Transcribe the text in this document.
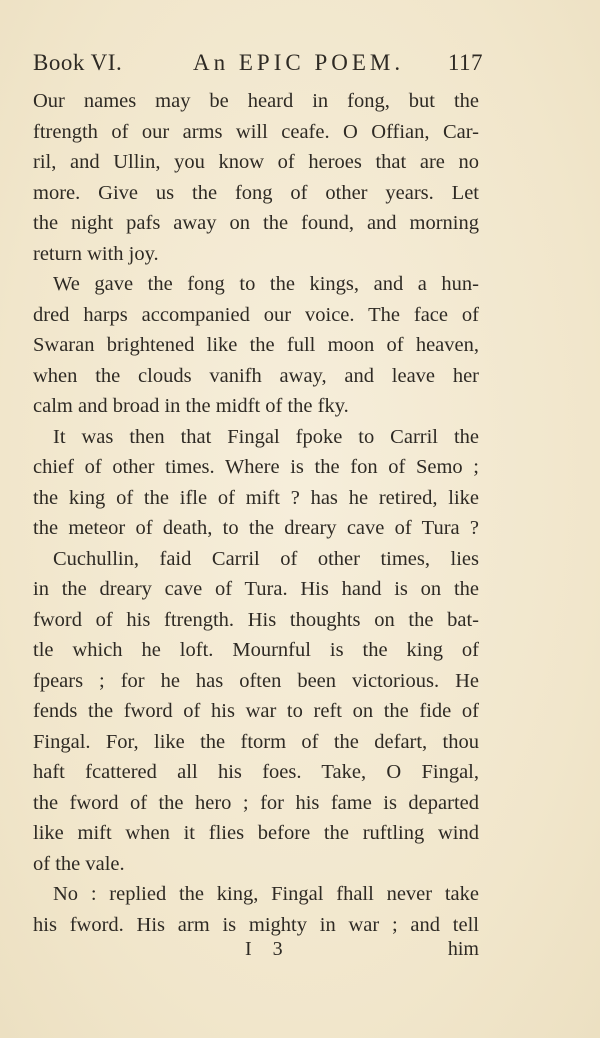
Book VI.	An EPIC POEM. 117
Our names may be heard in fong, but the
ftrength of our arms will ceafe. O Offian, Car-
ril, and Ullin, you know of heroes that are no
more. Give us the fong of other years. Let
the night pafs away on the found, and morning
return with joy.
We gave the fong to the kings, and a hun-
dred harps accompanied our voice. The face of
Swaran brightened like the full moon of heaven,
when the clouds vanifh away, and leave her
calm and broad in the midft of the fky.
It was then that Fingal fpoke to Carril the
chief of other times. Where is the fon of Semo ;
the king of the ifle of mift ? has he retired, like
the meteor of death, to the dreary cave of Tura ?
Cuchullin, faid Carril of other times, lies
in the dreary cave of Tura. His hand is on the
fword of his ftrength. His thoughts on the bat-
tle which he loft. Mournful is the king of
fpears ; for he has often been victorious. He
fends the fword of his war to reft on the fide of
Fingal. For, like the ftorm of the defart, thou
haft fcattered all his foes. Take, O Fingal,
the fword of the hero ; for his fame is departed
like mift when it flies before the ruftling wind
of the vale.
No : replied the king, Fingal fhall never take
his fword. His arm is mighty in war ; and tell
I 3	him
